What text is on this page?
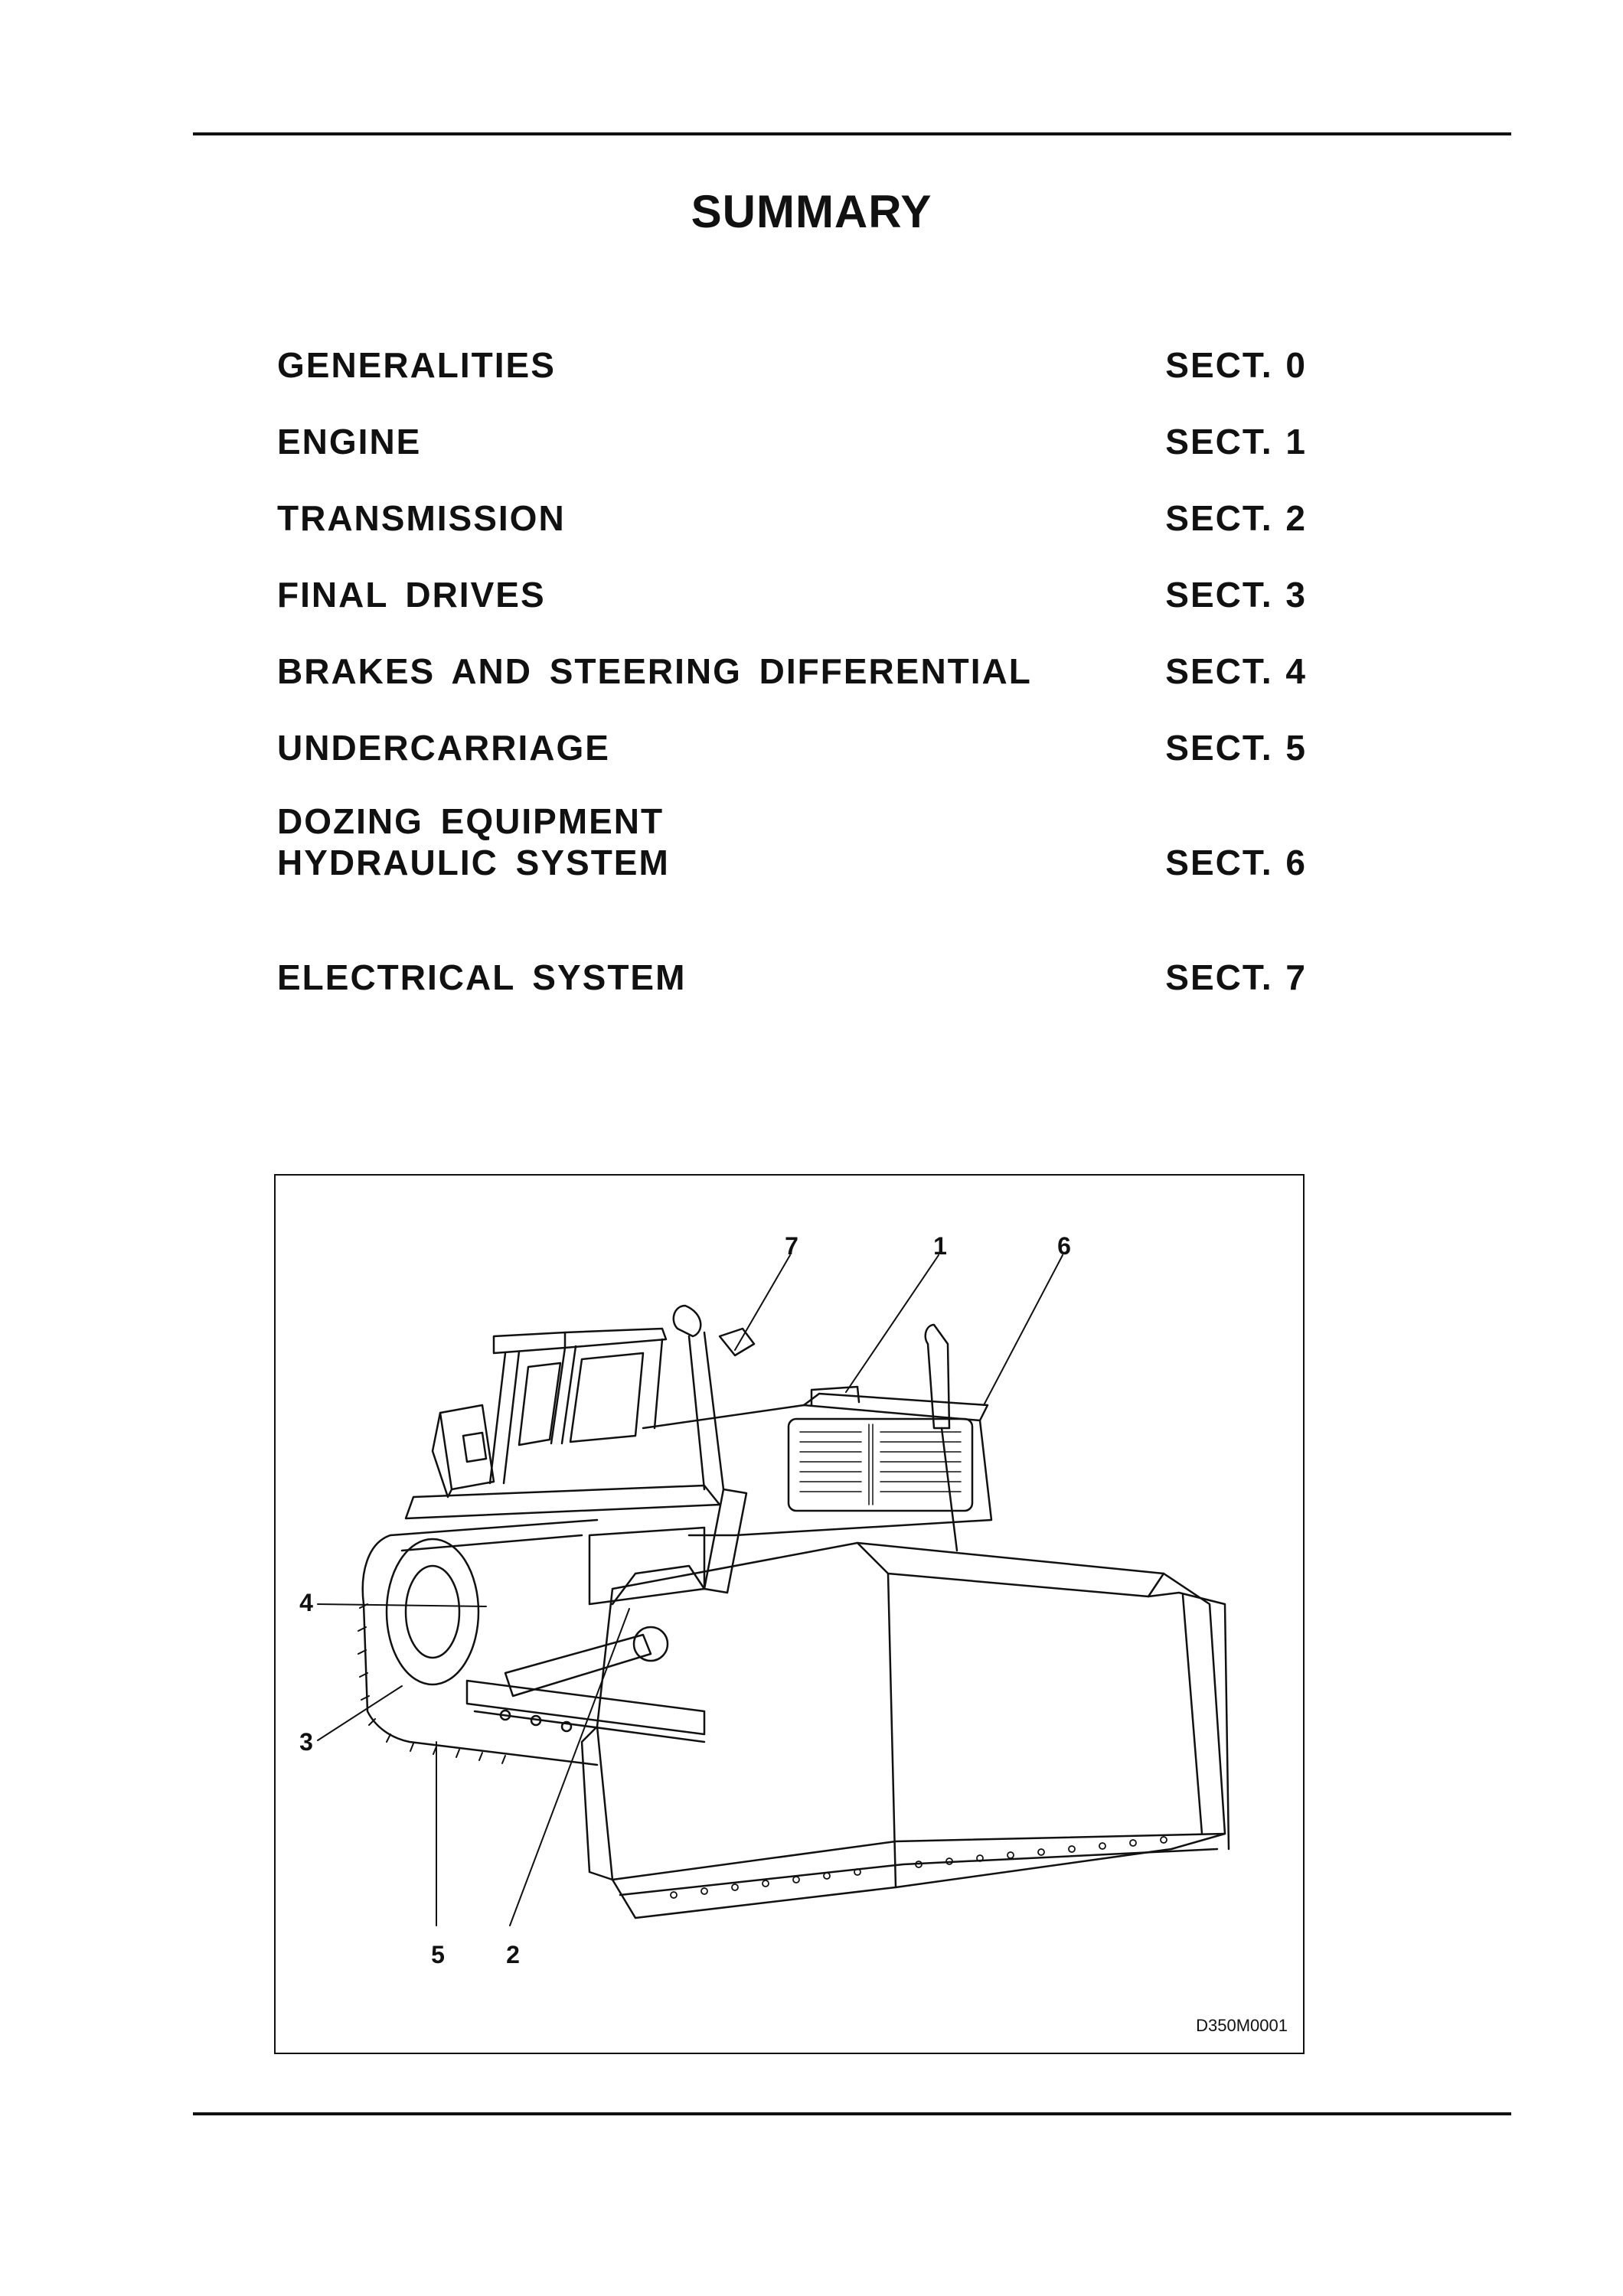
SUMMARY
GENERALITIES	SECT. 0
ENGINE	SECT. 1
TRANSMISSION	SECT. 2
FINAL DRIVES	SECT. 3
BRAKES AND STEERING DIFFERENTIAL	SECT. 4
UNDERCARRIAGE	SECT. 5
DOZING EQUIPMENT
HYDRAULIC SYSTEM	SECT. 6
ELECTRICAL SYSTEM	SECT. 7
7	1	6
4
3
5	2
D350M0001
